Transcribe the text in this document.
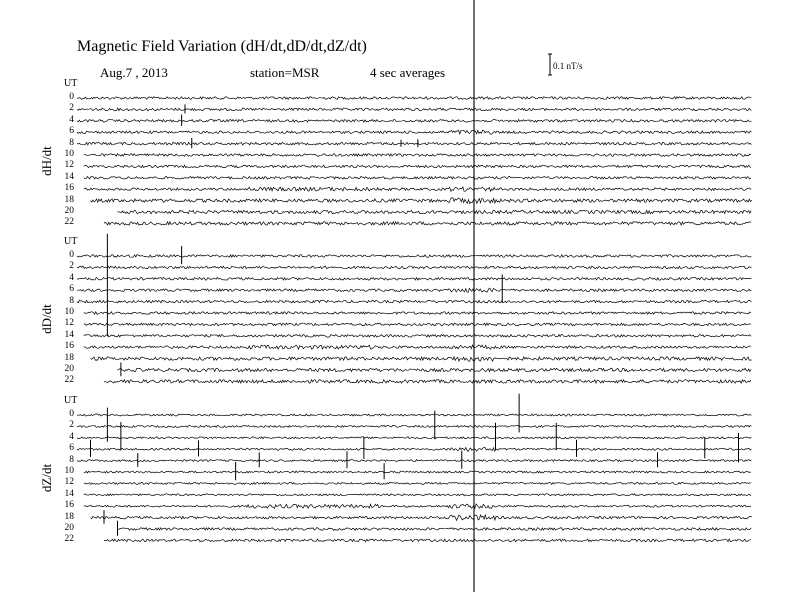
Magnetic Field Variation (dH/dt,dD/dt,dZ/dt)
Aug.7 , 2013	station=MSR	4 sec averages	0.1 nT/s
UT
dH/dt
0
2
4
6
8
10
12
14
16
18
20
22
UT
dD/dt
0
2
4
6
8
10
12
14
16
18
20
22
UT
dZ/dt
0
2
4
6
8
10
12
14
16
18
20
22
